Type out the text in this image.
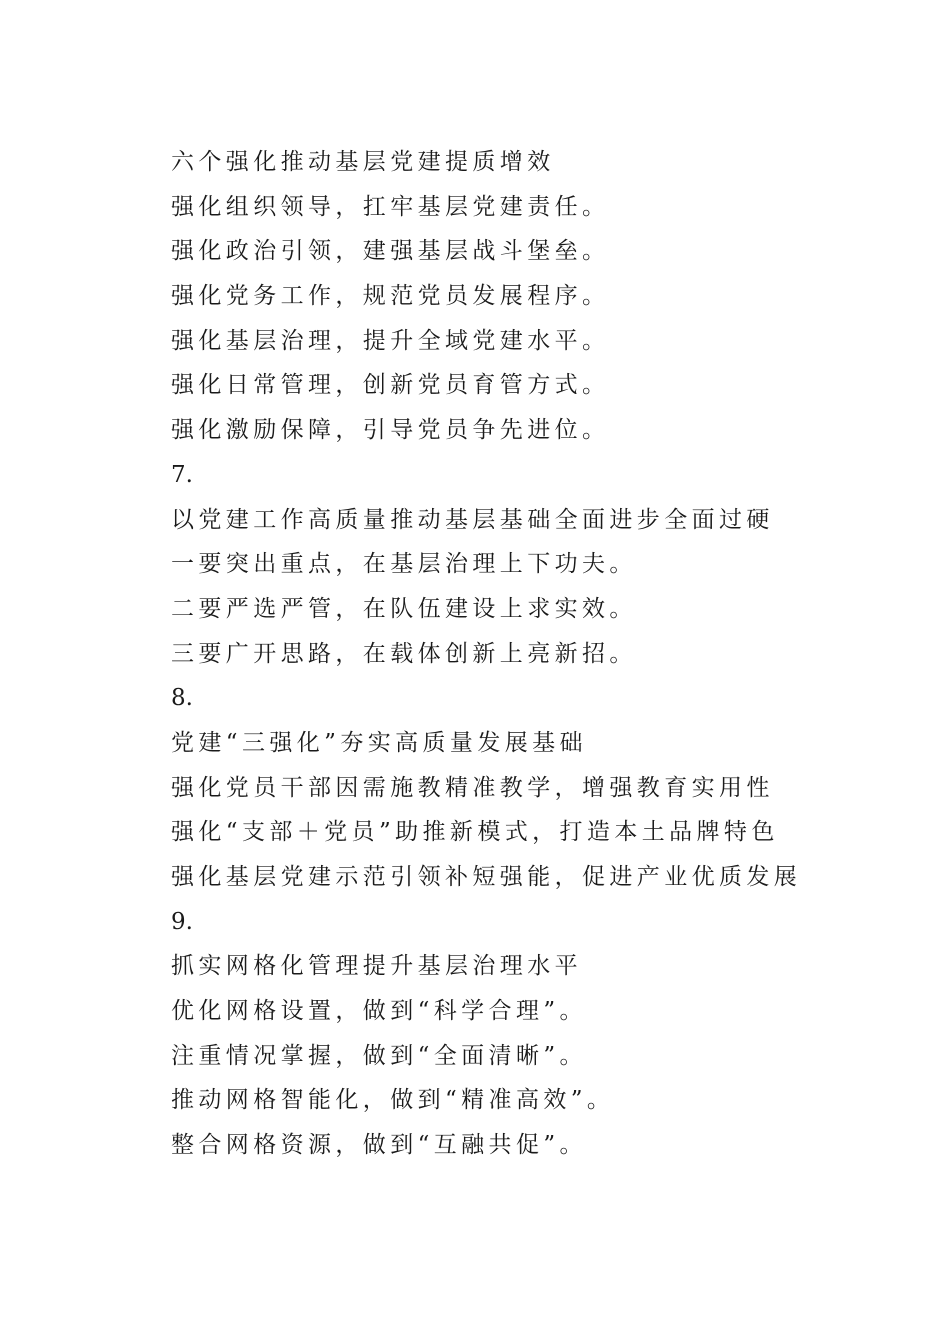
六个强化推动基层党建提质增效
强化组织领导，扛牢基层党建责任。
强化政治引领，建强基层战斗堡垒。
强化党务工作，规范党员发展程序。
强化基层治理，提升全域党建水平。
强化日常管理，创新党员育管方式。
强化激励保障，引导党员争先进位。
7.
以党建工作高质量推动基层基础全面进步全面过硬
一要突出重点，在基层治理上下功夫。
二要严选严管，在队伍建设上求实效。
三要广开思路，在载体创新上亮新招。
8.
党建“三强化”夯实高质量发展基础
强化党员干部因需施教精准教学，增强教育实用性
强化“支部＋党员”助推新模式，打造本土品牌特色
强化基层党建示范引领补短强能，促进产业优质发展
9.
抓实网格化管理提升基层治理水平
优化网格设置，做到“科学合理”。
注重情况掌握，做到“全面清晰”。
推动网格智能化，做到“精准高效”。
整合网格资源，做到“互融共促”。
